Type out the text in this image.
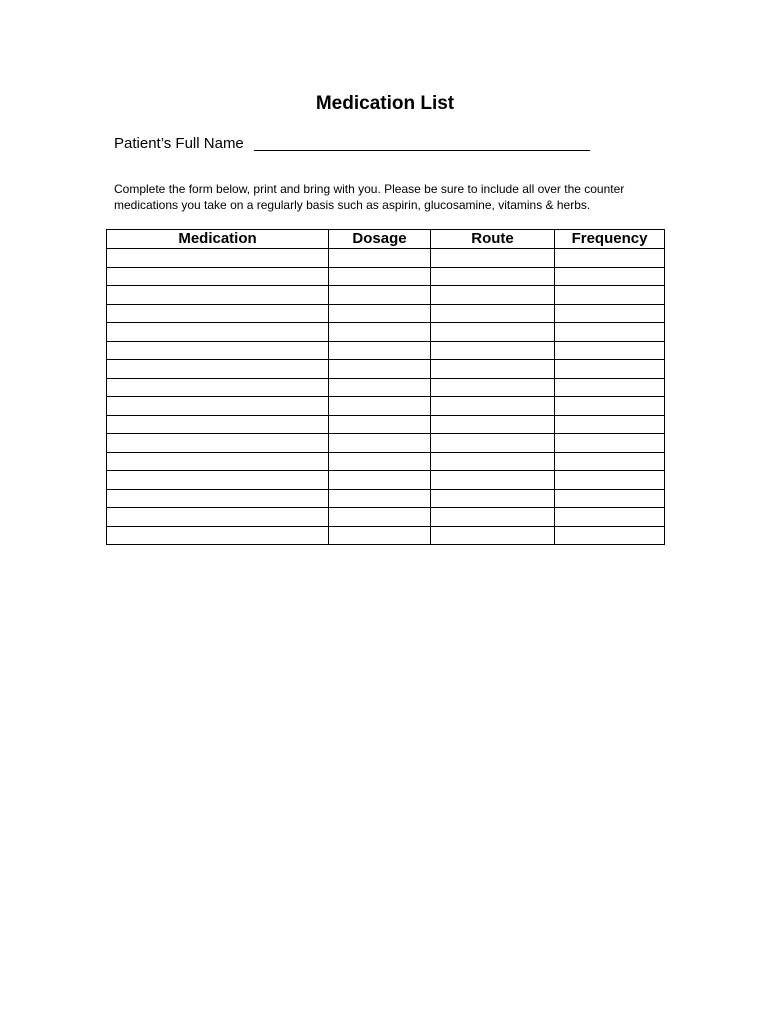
Medication List
Patient’s Full Name
Complete the form below, print and bring with you. Please be sure to include all over the counter
medications you take on a regularly basis such as aspirin, glucosamine, vitamins & herbs.
Medication	Dosage	Route	Frequency
